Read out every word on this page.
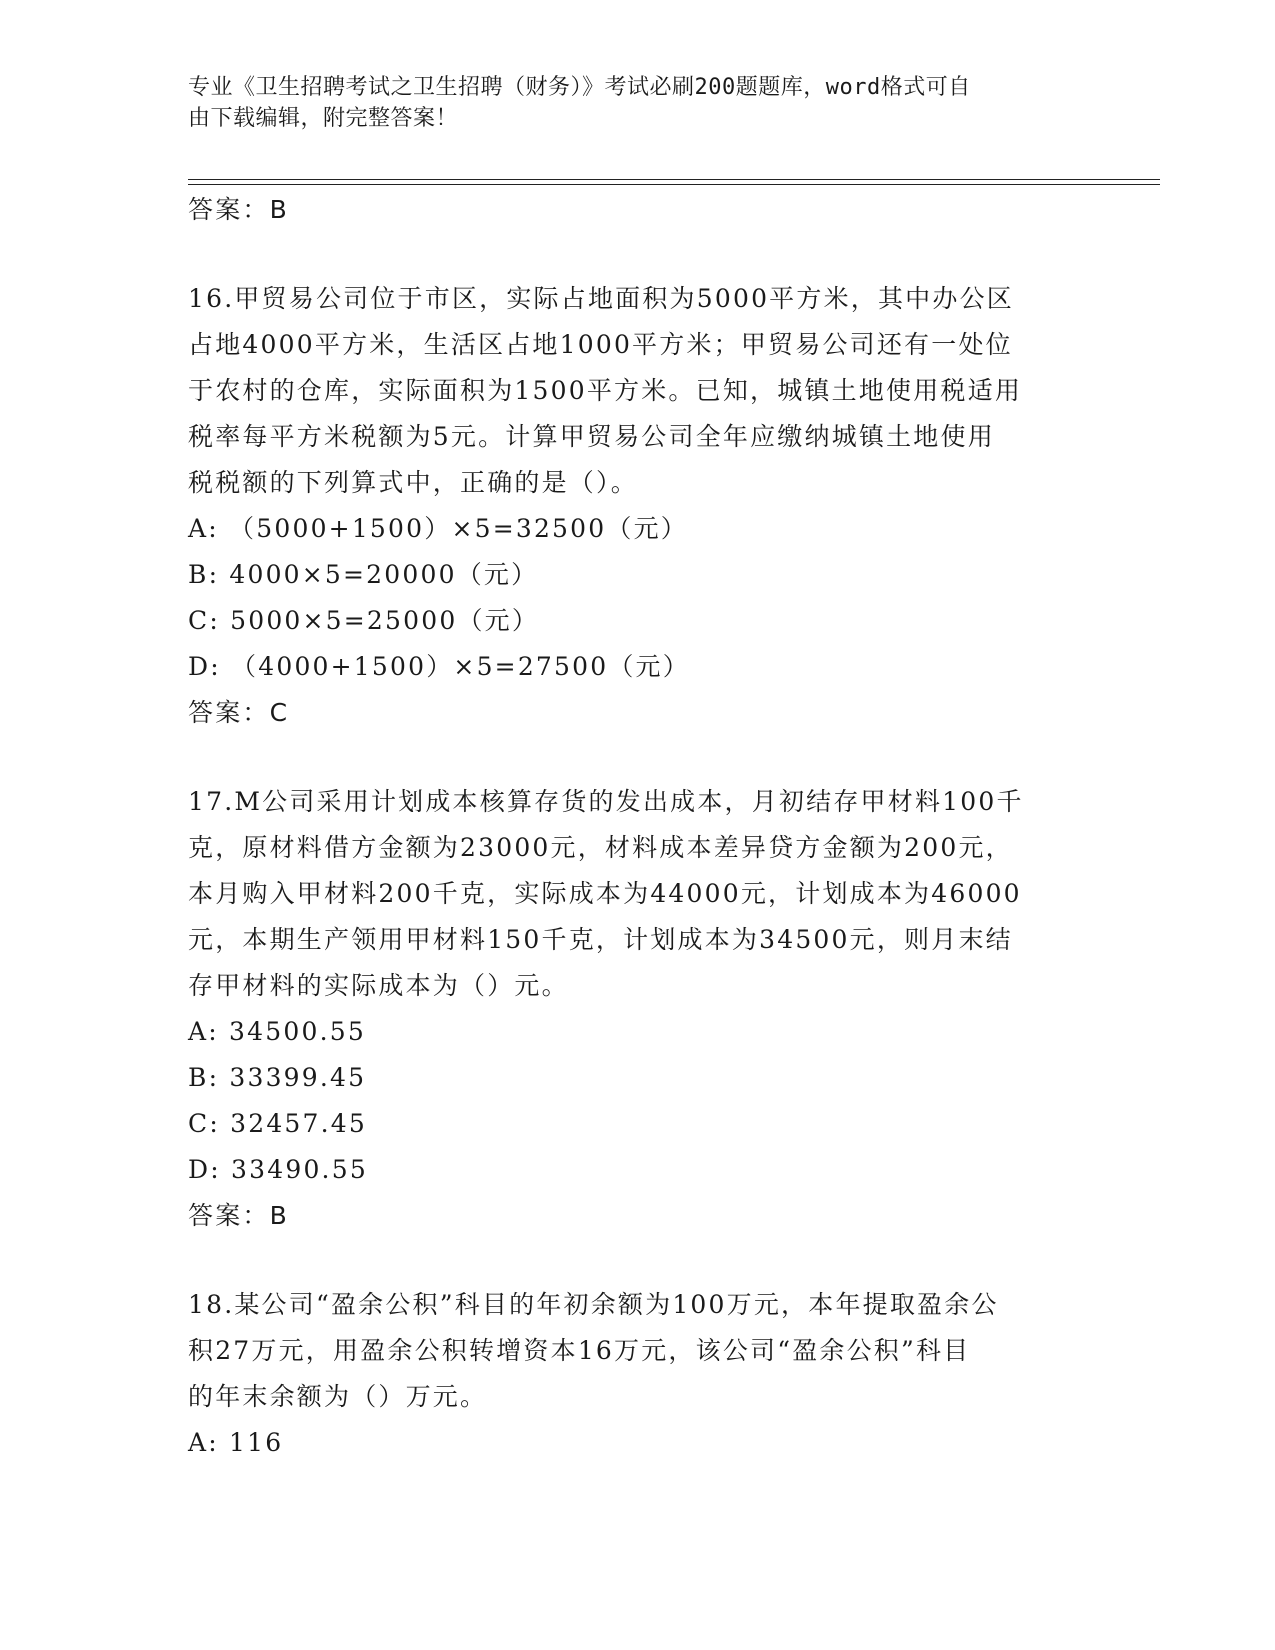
专业《卫生招聘考试之卫生招聘（财务）》考试必刷200题题库，word格式可自

由下载编辑，附完整答案！

答案：B
16.甲贸易公司位于市区，实际占地面积为5000平方米，其中办公区
占地4000平方米，生活区占地1000平方米；甲贸易公司还有一处位
于农村的仓库，实际面积为1500平方米。已知，城镇土地使用税适用
税率每平方米税额为5元。计算甲贸易公司全年应缴纳城镇土地使用
税税额的下列算式中，正确的是（）。
A: （5000+1500）×5=32500（元）
B: 4000×5=20000（元）
C: 5000×5=25000（元）
D: （4000+1500）×5=27500（元）
答案：C
17.M公司采用计划成本核算存货的发出成本，月初结存甲材料100千
克，原材料借方金额为23000元，材料成本差异贷方金额为200元，
本月购入甲材料200千克，实际成本为44000元，计划成本为46000
元，本期生产领用甲材料150千克，计划成本为34500元，则月末结
存甲材料的实际成本为（）元。
A: 34500.55
B: 33399.45
C: 32457.45
D: 33490.55
答案：B
18.某公司“盈余公积”科目的年初余额为100万元，本年提取盈余公
积27万元，用盈余公积转增资本16万元，该公司“盈余公积”科目
的年末余额为（）万元。
A: 116
